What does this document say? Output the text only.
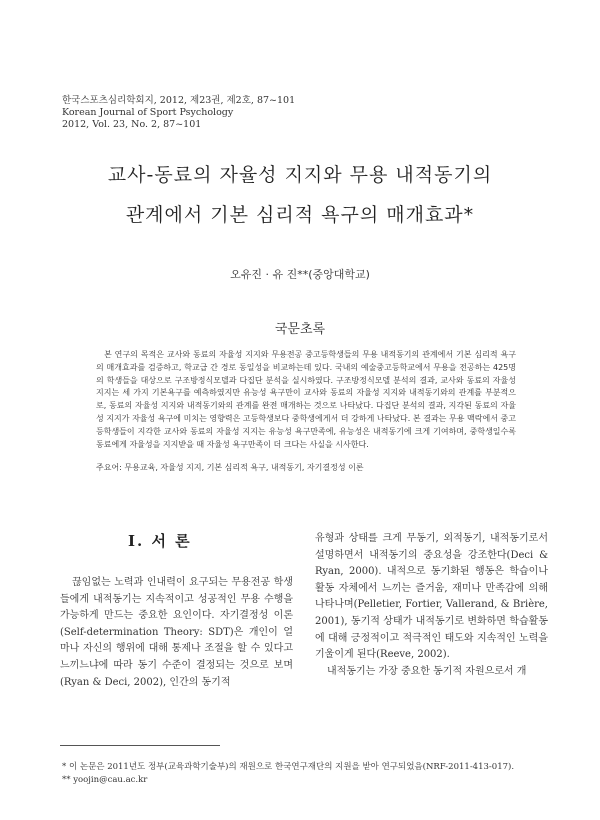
한국스포츠심리학회지, 2012, 제23권, 제2호, 87~101
Korean Journal of Sport Psychology
2012, Vol. 23, No. 2, 87~101
교사-동료의 자율성 지지와 무용 내적동기의
관계에서 기본 심리적 욕구의 매개효과*
오유진 · 유 진**(중앙대학교)
국문초록
본 연구의 목적은 교사와 동료의 자율성 지지와 무용전공 중고등학생들의 무용 내적동기의 관계에서 기본 심리적 욕구의 매개효과를 검증하고, 학교급 간 경로 동일성을 비교하는데 있다. 국내의 예술중고등학교에서 무용을 전공하는 425명의 학생들을 대상으로 구조방정식모델과 다집단 분석을 실시하였다. 구조방정식모델 분석의 결과, 교사와 동료의 자율성 지지는 세 가지 기본욕구를 예측하였지만 유능성 욕구만이 교사와 동료의 자율성 지지와 내적동기와의 관계를 부분적으로, 동료의 자율성 지지와 내적동기와의 관계를 완전 매개하는 것으로 나타났다. 다집단 분석의 결과, 지각된 동료의 자율성 지지가 자율성 욕구에 미치는 영향력은 고등학생보다 중학생에게서 더 강하게 나타났다. 본 결과는 무용 맥락에서 중고등학생들이 지각한 교사와 동료의 자율성 지지는 유능성 욕구만족에, 유능성은 내적동기에 크게 기여하며, 중학생일수록 동료에게 자율성을 지지받을 때 자율성 욕구만족이 더 크다는 사실을 시사한다.
주요어: 무용교육, 자율성 지지, 기본 심리적 욕구, 내적동기, 자기결정성 이론
I. 서 론
끊임없는 노력과 인내력이 요구되는 무용전공 학생들에게 내적동기는 지속적이고 성공적인 무용 수행을 가능하게 만드는 중요한 요인이다. 자기결정성 이론(Self-determination Theory: SDT)은 개인이 얼마나 자신의 행위에 대해 통제나 조절을 할 수 있다고 느끼느냐에 따라 동기 수준이 결정되는 것으로 보며(Ryan & Deci, 2002), 인간의 동기적

유형과 상태를 크게 무동기, 외적동기, 내적동기로서 설명하면서 내적동기의 중요성을 강조한다(Deci & Ryan, 2000). 내적으로 동기화된 행동은 학습이나 활동 자체에서 느끼는 즐거움, 재미나 만족감에 의해 나타나며(Pelletier, Fortier, Vallerand, & Brière, 2001), 동기적 상태가 내적동기로 변화하면 학습활동에 대해 긍정적이고 적극적인 태도와 지속적인 노력을 기울이게 된다(Reeve, 2002).

내적동기는 가장 중요한 동기적 자원으로서 개

* 이 논문은 2011년도 정부(교육과학기술부)의 재원으로 한국연구재단의 지원을 받아 연구되었음(NRF-2011-413-017).
** yoojin@cau.ac.kr
